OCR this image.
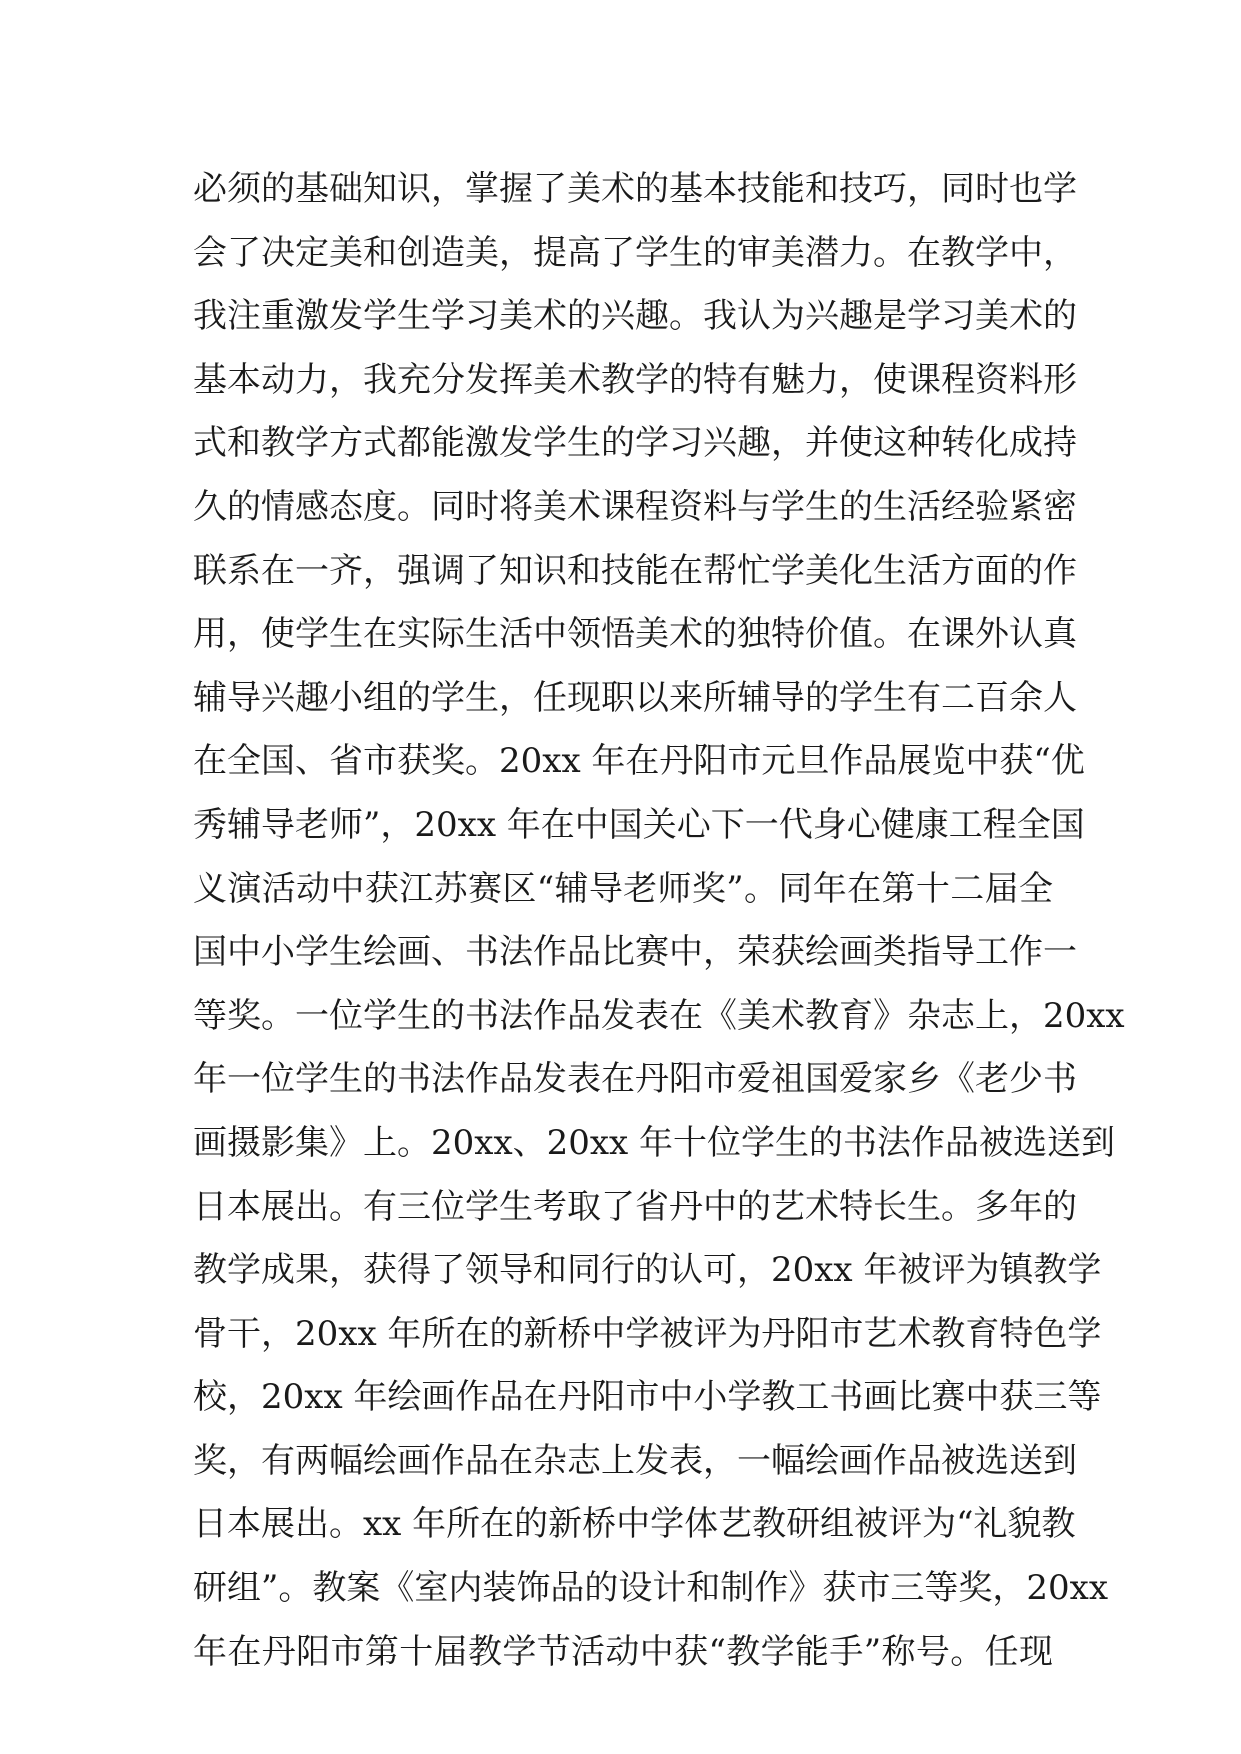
必须的基础知识，掌握了美术的基本技能和技巧，同时也学
会了决定美和创造美，提高了学生的审美潜力。在教学中，
我注重激发学生学习美术的兴趣。我认为兴趣是学习美术的
基本动力，我充分发挥美术教学的特有魅力，使课程资料形
式和教学方式都能激发学生的学习兴趣，并使这种转化成持
久的情感态度。同时将美术课程资料与学生的生活经验紧密
联系在一齐，强调了知识和技能在帮忙学美化生活方面的作
用，使学生在实际生活中领悟美术的独特价值。在课外认真
辅导兴趣小组的学生，任现职以来所辅导的学生有二百余人
在全国、省市获奖。20xx 年在丹阳市元旦作品展览中获“优
秀辅导老师”，20xx 年在中国关心下一代身心健康工程全国
义演活动中获江苏赛区“辅导老师奖”。同年在第十二届全
国中小学生绘画、书法作品比赛中，荣获绘画类指导工作一
等奖。一位学生的书法作品发表在《美术教育》杂志上，20xx
年一位学生的书法作品发表在丹阳市爱祖国爱家乡《老少书
画摄影集》上。20xx、20xx 年十位学生的书法作品被选送到
日本展出。有三位学生考取了省丹中的艺术特长生。多年的
教学成果，获得了领导和同行的认可，20xx 年被评为镇教学
骨干，20xx 年所在的新桥中学被评为丹阳市艺术教育特色学
校，20xx 年绘画作品在丹阳市中小学教工书画比赛中获三等
奖，有两幅绘画作品在杂志上发表，一幅绘画作品被选送到
日本展出。xx 年所在的新桥中学体艺教研组被评为“礼貌教
研组”。教案《室内装饰品的设计和制作》获市三等奖，20xx
年在丹阳市第十届教学节活动中获“教学能手”称号。任现
